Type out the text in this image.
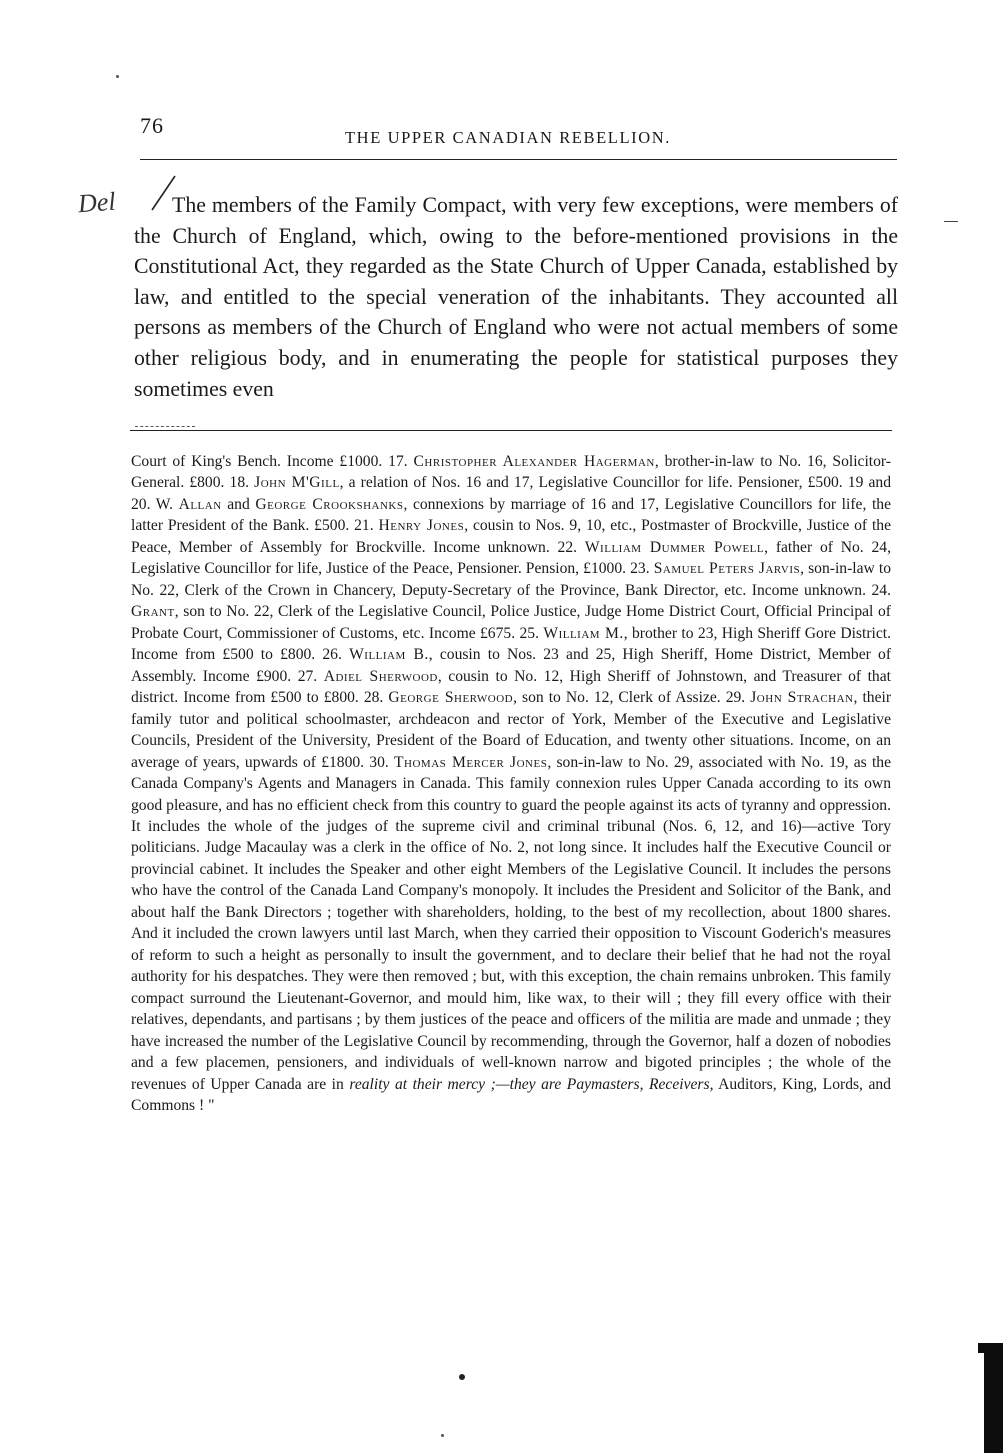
76	THE UPPER CANADIAN REBELLION.
Del	The members of the Family Compact, with very few exceptions, were members of the Church of England, which, owing to the before-mentioned provisions in the Constitutional Act, they regarded as the State Church of Upper Canada, established by law, and entitled to the special veneration of the inhabitants. They accounted all persons as members of the Church of England who were not actual members of some other religious body, and in enumerating the people for statistical purposes they sometimes even

Court of King's Bench. Income £1000. 17. Christopher Alexander Hagerman, brother-in-law to No. 16, Solicitor-General. £800. 18. John M'Gill, a relation of Nos. 16 and 17, Legislative Councillor for life. Pensioner, £500. 19 and 20. W. Allan and George Crookshanks, connexions by marriage of 16 and 17, Legislative Councillors for life, the latter President of the Bank. £500. 21. Henry Jones, cousin to Nos. 9, 10, etc., Postmaster of Brockville, Justice of the Peace, Member of Assembly for Brockville. Income unknown. 22. William Dummer Powell, father of No. 24, Legislative Councillor for life, Justice of the Peace, Pensioner. Pension, £1000. 23. Samuel Peters Jarvis, son-in-law to No. 22, Clerk of the Crown in Chancery, Deputy-Secretary of the Province, Bank Director, etc. Income unknown. 24. Grant, son to No. 22, Clerk of the Legislative Council, Police Justice, Judge Home District Court, Official Principal of Probate Court, Commissioner of Customs, etc. Income £675. 25. William M., brother to 23, High Sheriff Gore District. Income from £500 to £800. 26. William B., cousin to Nos. 23 and 25, High Sheriff, Home District, Member of Assembly. Income £900. 27. Adiel Sherwood, cousin to No. 12, High Sheriff of Johnstown, and Treasurer of that district. Income from £500 to £800. 28. George Sherwood, son to No. 12, Clerk of Assize. 29. John Strachan, their family tutor and political schoolmaster, archdeacon and rector of York, Member of the Executive and Legislative Councils, President of the University, President of the Board of Education, and twenty other situations. Income, on an average of years, upwards of £1800. 30. Thomas Mercer Jones, son-in-law to No. 29, associated with No. 19, as the Canada Company's Agents and Managers in Canada. This family connexion rules Upper Canada according to its own good pleasure, and has no efficient check from this country to guard the people against its acts of tyranny and oppression. It includes the whole of the judges of the supreme civil and criminal tribunal (Nos. 6, 12, and 16)—active Tory politicians. Judge Macaulay was a clerk in the office of No. 2, not long since. It includes half the Executive Council or provincial cabinet. It includes the Speaker and other eight Members of the Legislative Council. It includes the persons who have the control of the Canada Land Company's monopoly. It includes the President and Solicitor of the Bank, and about half the Bank Directors ; together with shareholders, holding, to the best of my recollection, about 1800 shares. And it included the crown lawyers until last March, when they carried their opposition to Viscount Goderich's measures of reform to such a height as personally to insult the government, and to declare their belief that he had not the royal authority for his despatches. They were then removed ; but, with this exception, the chain remains unbroken. This family compact surround the Lieutenant-Governor, and mould him, like wax, to their will ; they fill every office with their relatives, dependants, and partisans ; by them justices of the peace and officers of the militia are made and unmade ; they have increased the number of the Legislative Council by recommending, through the Governor, half a dozen of nobodies and a few placemen, pensioners, and individuals of well-known narrow and bigoted principles ; the whole of the revenues of Upper Canada are in reality at their mercy ;—they are Paymasters, Receivers, Auditors, King, Lords, and Commons ! "
